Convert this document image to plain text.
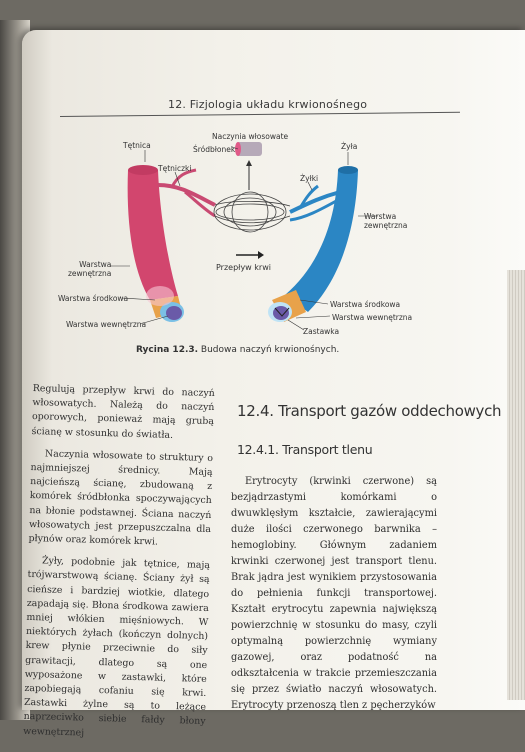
12. Fizjologia układu krwionośnego
Tętnica
Tętniczki
Naczynia włosowate
Śródbłonek	Żyła
Żyłki
Warstwa
zewnętrzna
Warstwa
zewnętrzna
Przepływ krwi
Warstwa środkowa
Warstwa wewnętrzna
Warstwa środkowa
Warstwa wewnętrzna
Zastawka
Rycina 12.3. Budowa naczyń krwionośnych.

Regulują przepływ krwi do naczyń włosowatych. Należą do naczyń oporowych, ponieważ mają grubą ścianę w stosunku do światła.

Naczynia włosowate to struktury o najmniejszej średnicy. Mają najcieńszą ścianę, zbudowaną z komórek śródbłonka spoczywających na błonie podstawnej. Ściana naczyń włosowatych jest przepuszczalna dla płynów oraz komórek krwi.

Żyły, podobnie jak tętnice, mają trójwarstwową ścianę. Ściany żył są cieńsze i bardziej wiotkie, dlatego zapadają się. Błona środkowa zawiera mniej włókien mięśniowych. W niektórych żyłach (kończyn dolnych) krew płynie przeciwnie do siły grawitacji, dlatego są one wyposażone w zastawki, które zapobiegają cofaniu się krwi. Zastawki żylne są to leżące naprzeciwko siebie fałdy błony wewnętrznej

12.4. Transport gazów oddechowych
12.4.1. Transport tlenu
Erytrocyty (krwinki czerwone) są bezjądrzastymi komórkami o dwuwklęsłym kształcie, zawierającymi duże ilości czerwonego barwnika – hemoglobiny. Głównym zadaniem krwinki czerwonej jest transport tlenu. Brak jądra jest wynikiem przystosowania do pełnienia funkcji transportowej. Kształt erytrocytu zapewnia największą powierzchnię w stosunku do masy, czyli optymalną powierzchnię wymiany gazowej, oraz podatność na odkształcenia w trakcie przemieszczania się przez światło naczyń włosowatych. Erytrocyty przenoszą tlen z pęcherzyków
